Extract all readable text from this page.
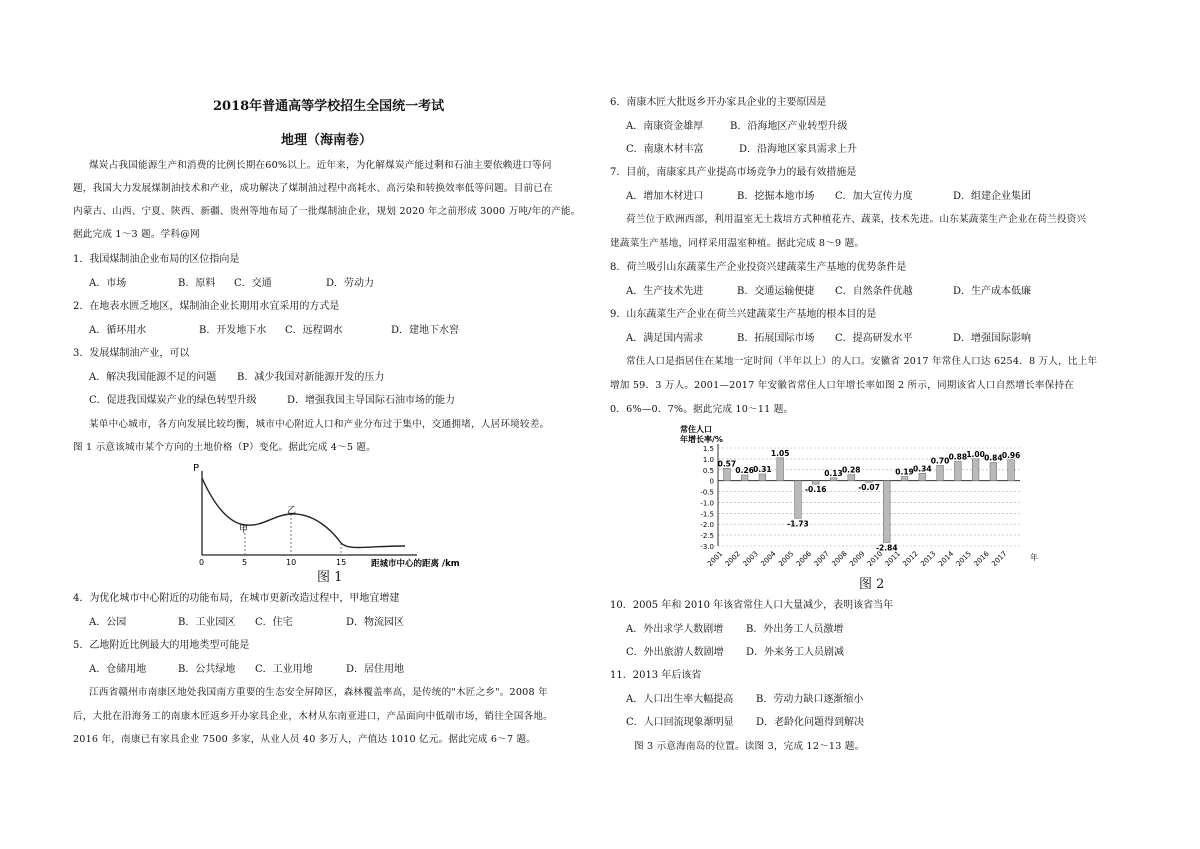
2018年普通高等学校招生全国统一考试
地理（海南卷）
煤炭占我国能源生产和消费的比例长期在60%以上。近年来，为化解煤炭产能过剩和石油主要依赖进口等问
题，我国大力发展煤制油技术和产业，成功解决了煤制油过程中高耗水、高污染和转换效率低等问题。目前已在
内蒙古、山西、宁夏、陕西、新疆、贵州等地布局了一批煤制油企业，规划 2020 年之前形成 3000 万吨/年的产能。
据此完成 1～3 题。学科@网
1．我国煤制油企业布局的区位指向是
A．市场	B．原料 C．交通	D．劳动力
2．在地表水匮乏地区，煤制油企业长期用水宜采用的方式是
A．循环用水	B．开发地下水 C．远程调水	D．建地下水窖
3．发展煤制油产业，可以
A．解决我国能源不足的问题 B．减少我国对新能源开发的压力
C．促进我国煤炭产业的绿色转型升级	D．增强我国主导国际石油市场的能力
某单中心城市，各方向发展比较均衡，城市中心附近人口和产业分布过于集中，交通拥堵，人居环境较差。
图 1 示意该城市某个方向的土地价格（P）变化。据此完成 4～5 题。
P
甲
乙
0	5	10	15	距城市中心的距离 /km
图 1
4．为优化城市中心附近的功能布局，在城市更新改造过程中，甲地宜增建
A．公园	B．工业园区 C．住宅	D．物流园区
5．乙地附近比例最大的用地类型可能是
A．仓储用地	B．公共绿地 C．工业用地	D．居住用地
江西省赣州市南康区地处我国南方重要的生态安全屏障区，森林覆盖率高，是传统的"木匠之乡"。2008 年
后，大批在沿海务工的南康木匠返乡开办家具企业，木材从东南亚进口，产品面向中低端市场，销往全国各地。
2016 年，南康已有家具企业 7500 多家，从业人员 40 多万人，产值达 1010 亿元。据此完成 6～7 题。
6．南康木匠大批返乡开办家具企业的主要原因是
A．南康资金雄厚	B．沿海地区产业转型升级
C．南康木材丰富	D．沿海地区家具需求上升
7．目前，南康家具产业提高市场竞争力的最有效措施是
A．增加木材进口	B．挖掘本地市场 C．加大宣传力度	D．组建企业集团
荷兰位于欧洲西部，利用温室无土栽培方式种植花卉、蔬菜，技术先进。山东某蔬菜生产企业在荷兰投资兴
建蔬菜生产基地，同样采用温室种植。据此完成 8～9 题。
8．荷兰吸引山东蔬菜生产企业投资兴建蔬菜生产基地的优势条件是
A．生产技术先进	B．交通运输便捷 C．自然条件优越	D．生产成本低廉
9．山东蔬菜生产企业在荷兰兴建蔬菜生产基地的根本目的是
A．满足国内需求	B．拓展国际市场 C．提高研发水平	D．增强国际影响
常住人口是指居住在某地一定时间（半年以上）的人口。安徽省 2017 年常住人口达 6254．8 万人，比上年
增加 59．3 万人。2001—2017 年安徽省常住人口年增长率如图 2 所示，同期该省人口自然增长率保持在
0．6%—0．7%。据此完成 10～11 题。
常住人口
年增长率/%
1.5
1.0
0.5
0
-0.5
-1.0
-1.5
-2.0
-2.5
-3.0
0.57
2001
0.26
2002
0.31
2003
1.05
2004
-1.73
2005
-0.16
2006
0.13
2007
0.28
2008
-0.07
2009
-2.84
2010
0.19
2011
0.34
2012
0.70
2013
0.88
2014
1.00
2015
0.84
2016
0.96
2017	年
图 2
10．2005 年和 2010 年该省常住人口大量减少，表明该省当年
A．外出求学人数剧增 B．外出务工人员激增
C．外出旅游人数剧增 D．外来务工人员剧减
11．2013 年后该省
A．人口出生率大幅提高 B．劳动力缺口逐渐缩小
C．人口回流现象渐明显 D．老龄化问题得到解决
图 3 示意海南岛的位置。读图 3，完成 12～13 题。
